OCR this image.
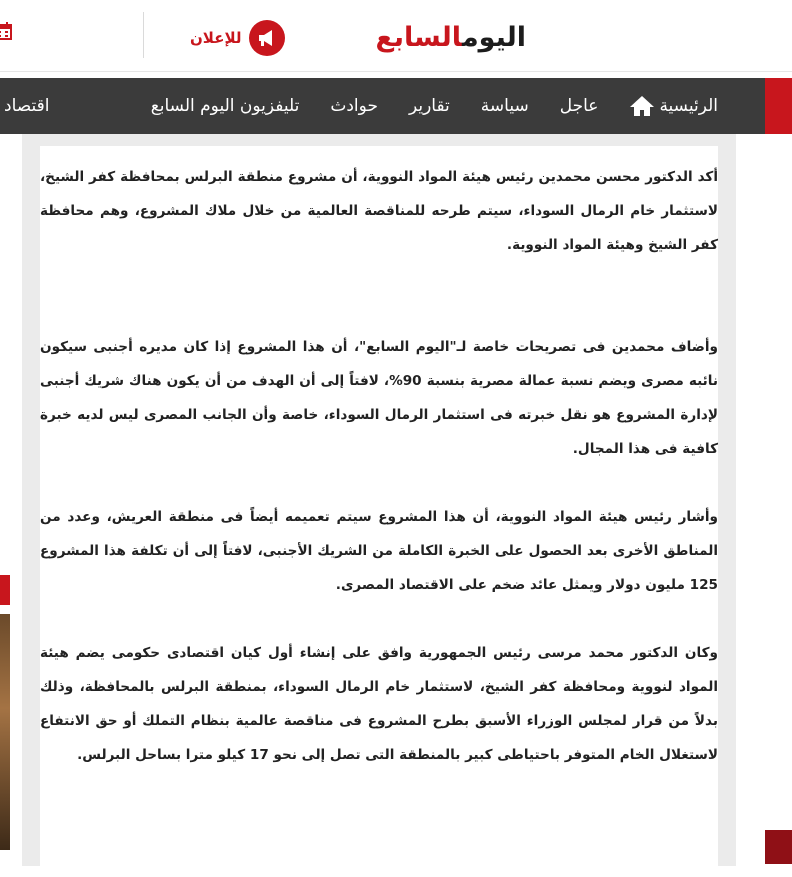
للإعلان	اليومالسابع
الرئيسية
عاجل
سياسة
تقارير
حوادث
تليفزيون اليوم السابع
اقتصاد

أكد الدكتور محسن محمدين رئيس هيئة المواد النووية، أن مشروع منطقة البرلس بمحافظة كفر الشيخ، لاستثمار خام الرمال السوداء، سيتم طرحه للمناقصة العالمية من خلال ملاك المشروع، وهم محافظة كفر الشيخ وهيئة المواد النووية.

وأضاف محمدين فى تصريحات خاصة لـ"اليوم السابع"، أن هذا المشروع إذا كان مديره أجنبى سيكون نائبه مصرى ويضم نسبة عمالة مصرية بنسبة 90%، لافتاً إلى أن الهدف من أن يكون هناك شريك أجنبى لإدارة المشروع هو نقل خبرته فى استثمار الرمال السوداء، خاصة وأن الجانب المصرى ليس لديه خبرة كافية فى هذا المجال.

وأشار رئيس هيئة المواد النووية، أن هذا المشروع سيتم تعميمه أيضاً فى منطقة العريش، وعدد من المناطق الأخرى بعد الحصول على الخبرة الكاملة من الشريك الأجنبى، لافتاً إلى أن تكلفة هذا المشروع 125 مليون دولار ويمثل عائد ضخم على الاقتصاد المصرى.

وكان الدكتور محمد مرسى رئيس الجمهورية وافق على إنشاء أول كيان اقتصادى حكومى يضم هيئة المواد لنووية ومحافظة كفر الشيخ، لاستثمار خام الرمال السوداء، بمنطقة البرلس بالمحافظة، وذلك بدلاً من قرار لمجلس الوزراء الأسبق بطرح المشروع فى مناقصة عالمية بنظام التملك أو حق الانتفاع لاستغلال الخام المتوفر باحتياطى كبير بالمنطقة التى تصل إلى نحو 17 كيلو مترا بساحل البرلس.
